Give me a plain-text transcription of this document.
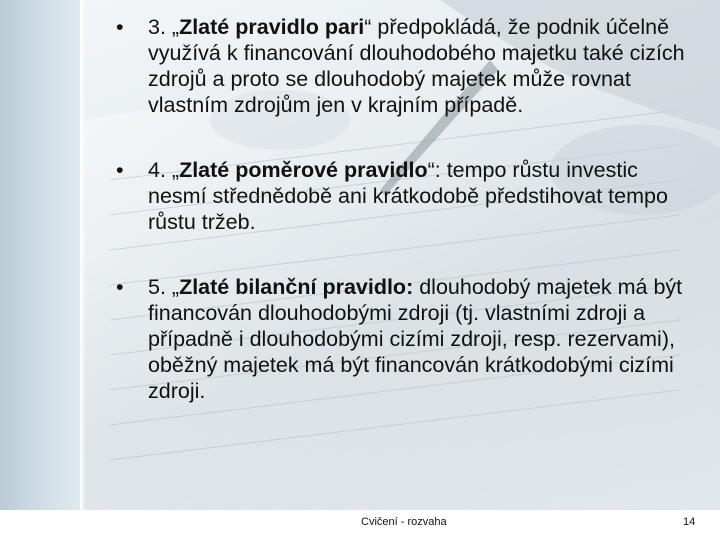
• 3. „Zlaté pravidlo pari“ předpokládá, že podnik účelně využívá k financování dlouhodobého majetku také cizích zdrojů a proto se dlouhodobý majetek může rovnat vlastním zdrojům jen v krajním případě.
• 4. „Zlaté poměrové pravidlo“: tempo růstu investic nesmí střednědobě ani krátkodobě předstihovat tempo růstu tržeb.
• 5. „Zlaté bilanční pravidlo: dlouhodobý majetek má být financován dlouhodobými zdroji (tj. vlastními zdroji a případně i dlouhodobými cizími zdroji, resp. rezervami), oběžný majetek má být financován krátkodobými cizími zdroji.
Cvičení - rozvaha	14
